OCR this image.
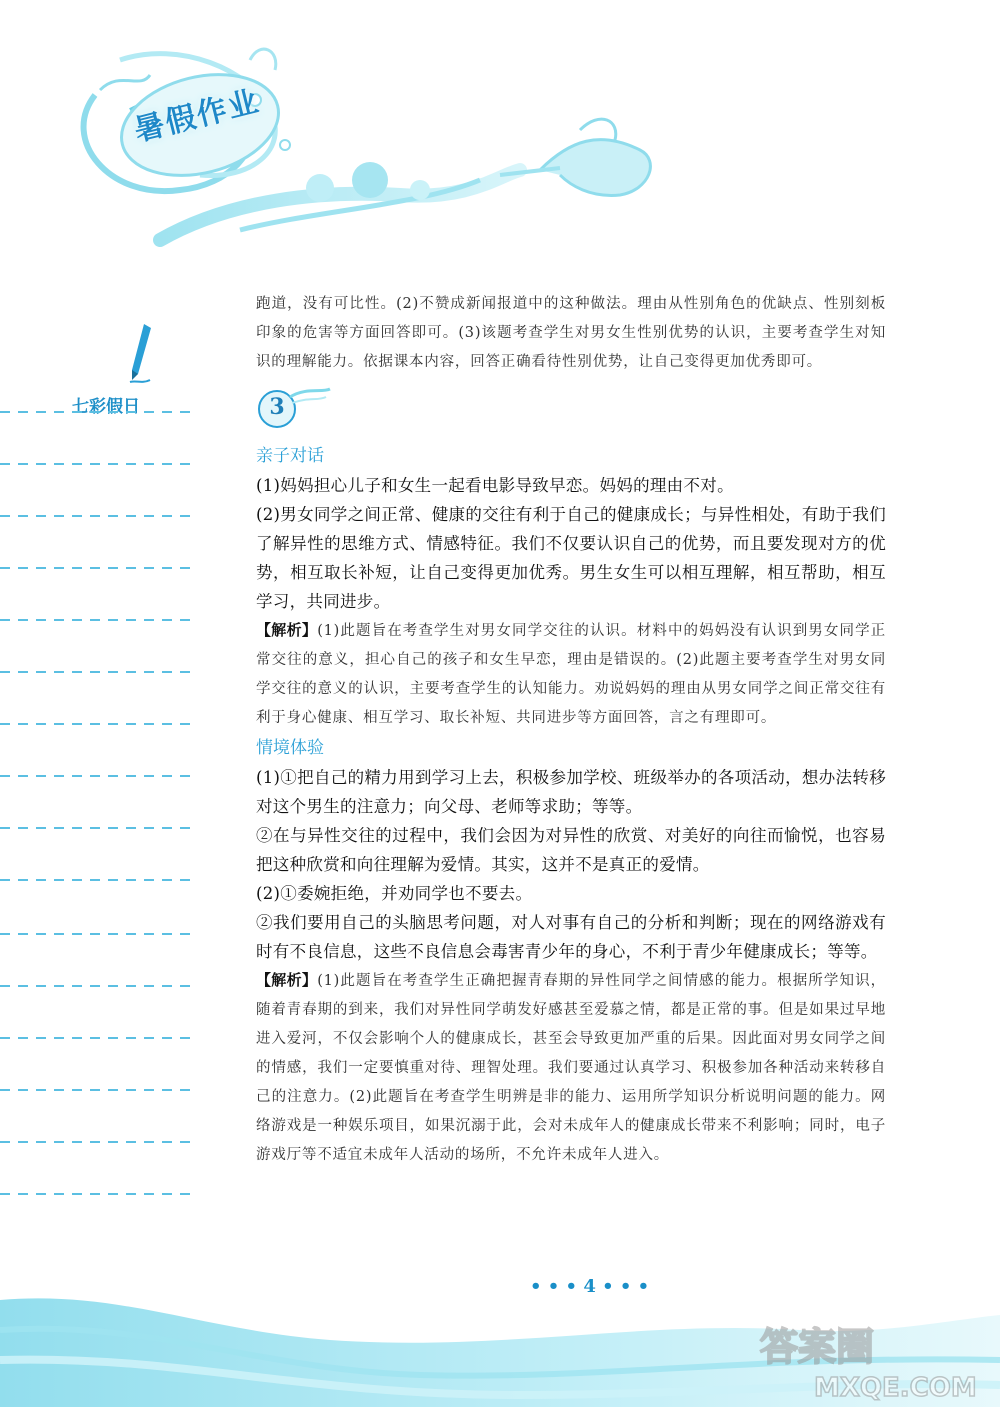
暑假作业
七彩假日

跑道，没有可比性。(2)不赞成新闻报道中的这种做法。理由从性别角色的优缺点、性别刻板印象的危害等方面回答即可。(3)该题考查学生对男女生性别优势的认识，主要考查学生对知识的理解能力。依据课本内容，回答正确看待性别优势，让自己变得更加优秀即可。

3

亲子对话

(1)妈妈担心儿子和女生一起看电影导致早恋。妈妈的理由不对。

(2)男女同学之间正常、健康的交往有利于自己的健康成长；与异性相处，有助于我们了解异性的思维方式、情感特征。我们不仅要认识自己的优势，而且要发现对方的优势，相互取长补短，让自己变得更加优秀。男生女生可以相互理解，相互帮助，相互学习，共同进步。

【解析】(1)此题旨在考查学生对男女同学交往的认识。材料中的妈妈没有认识到男女同学正常交往的意义，担心自己的孩子和女生早恋，理由是错误的。(2)此题主要考查学生对男女同学交往的意义的认识，主要考查学生的认知能力。劝说妈妈的理由从男女同学之间正常交往有利于身心健康、相互学习、取长补短、共同进步等方面回答，言之有理即可。

情境体验

(1)①把自己的精力用到学习上去，积极参加学校、班级举办的各项活动，想办法转移对这个男生的注意力；向父母、老师等求助；等等。

②在与异性交往的过程中，我们会因为对异性的欣赏、对美好的向往而愉悦，也容易把这种欣赏和向往理解为爱情。其实，这并不是真正的爱情。

(2)①委婉拒绝，并劝同学也不要去。

②我们要用自己的头脑思考问题，对人对事有自己的分析和判断；现在的网络游戏有时有不良信息，这些不良信息会毒害青少年的身心，不利于青少年健康成长；等等。

【解析】(1)此题旨在考查学生正确把握青春期的异性同学之间情感的能力。根据所学知识，随着青春期的到来，我们对异性同学萌发好感甚至爱慕之情，都是正常的事。但是如果过早地进入爱河，不仅会影响个人的健康成长，甚至会导致更加严重的后果。因此面对男女同学之间的情感，我们一定要慎重对待、理智处理。我们要通过认真学习、积极参加各种活动来转移自己的注意力。(2)此题旨在考查学生明辨是非的能力、运用所学知识分析说明问题的能力。网络游戏是一种娱乐项目，如果沉溺于此，会对未成年人的健康成长带来不利影响；同时，电子游戏厅等不适宜未成年人活动的场所，不允许未成年人进入。

• • • 4 • • •
答案圈
MXQE.COM
